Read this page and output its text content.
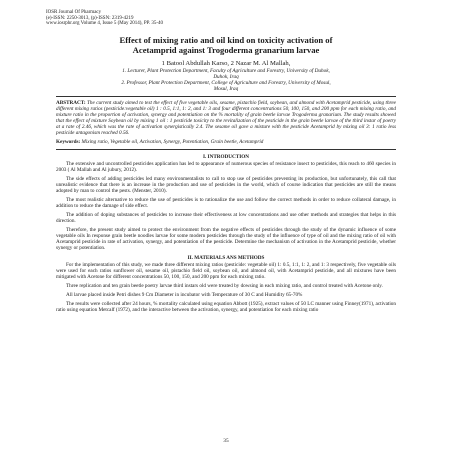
IOSR Journal Of Pharmacy
(e)-ISSN: 2250-3013, (p)-ISSN: 2319-4219
www.iosrphr.org Volume 4, Issue 5 (May 2014), PP. 35-40
Effect of mixing ratio and oil kind on toxicity activation of
Acetamprid against Trogoderma granarium larvae
1 Batool Abdullah Karso, 2 Nazar M. Al Mallah,
1. Lecturer, Plant Protection Department, Faculty of Agriculture and Forestry, University of Duhok,
Duhok, Iraq
2. Professor, Plant Protection Department, College of Agriculture and Forestry, University of Mosul,
Mosul, Iraq
ABSTRACT: The current study aimed to test the effect of five vegetable oils, sesame, pistachio field, soybean, and almond with Acetamprid pesticide, using three different mixing ratios (pesticide:vegetable oil) 1 : 0.5, 1:1, 1: 2, and 1: 3 and four different concentrations 50, 100, 150, and 200 ppm for each mixing ratio, and mixture ratio in the proportion of activation, synergy and potentiation on the % mortality of grain beetle larvae Trogoderma granarium. The study results showed that the effect of mixture Soybean oil by mixing 1 oil : 1 pesticide toxicity to the revitalization of the pesticide in the grain beetle larvae of the third instar of poetry at a rate of 2.46, which was the rate of activation synergistically 2.4. The sesame oil gave a mixture with the pesticide Acetamprid by mixing oil 3: 1 ratio less pesticide antagonism reached 0.56.
Keywords: Mixing ratio, Vegetable oil, Activation, Synergy, Potentiation, Grain beetle, Acetamprid
I. INTRODUCTION

The extensive and uncontrolled pesticides application has led to appearance of numerous species of resistance insect to pesticides, this reach to 460 species in 2003 ( Al Mallah and Al jubury, 2012).

The side effects of adding pesticides led many environmentalists to call to stop use of pesticides preventing its production, but unfortunately, this call that unrealistic evidence that there is an increase in the production and use of pesticides in the world, which of course indication that pesticides are still the means adopted by man to control the pests. (Menster, 2010).

The most realistic alternative to reduce the use of pesticides is to rationalize the use and follow the correct methods in order to reduce collateral damage, in addition to reduce the damage of side effect.

The addition of doping substances of pesticides to increase their effectiveness at low concentrations and use other methods and strategies that helps in this direction.

Therefore, the present study aimed to protect the environment from the negative effects of pesticides through the study of the dynamic influence of some vegetable oils In response grain beetle noodles larvae for some modern pesticides through the study of the influence of type of oil and the mixing ratio of oil with Acetamprid pesticide in rate of activation, synergy, and potentiation of the pesticide. Determine the mechanism of activation in the Acetamprid pesticide, whether synergy or potentiation.

II. MATERIALS ANS METHODS

For the implementation of this study, we made three different mixing ratios (pesticide: vegetable oil) 1: 0.5, 1:1, 1: 2, and 1: 3 respectively, five vegetable oils were used for each ratios sunflower oil, sesame oil, pistachio field oil, soybean oil, and almond oil, with Acetamprid pesticide, and all mixtures have been mitigated with Acetone for different concentrations 50, 100, 150, and 200 ppm for each mixing ratio.

Three replication and ten grain beetle poetry larvae third instars old were treated by dowsing in each mixing ratio, and control treated with Acetone only.

All larvae placed inside Petri dishes 9 Cm Diameter in incubator with Temperature of 30 C and Humidity 65-70%

The results were collected after 24 hours, % mortality calculated using equation Abbott (1925), extract values of 50 LC manner using Finney(1971), activation ratio using equation Metcalf (1972), and the interactive between the activation, synergy, and potentiation for each mixing ratio

35
